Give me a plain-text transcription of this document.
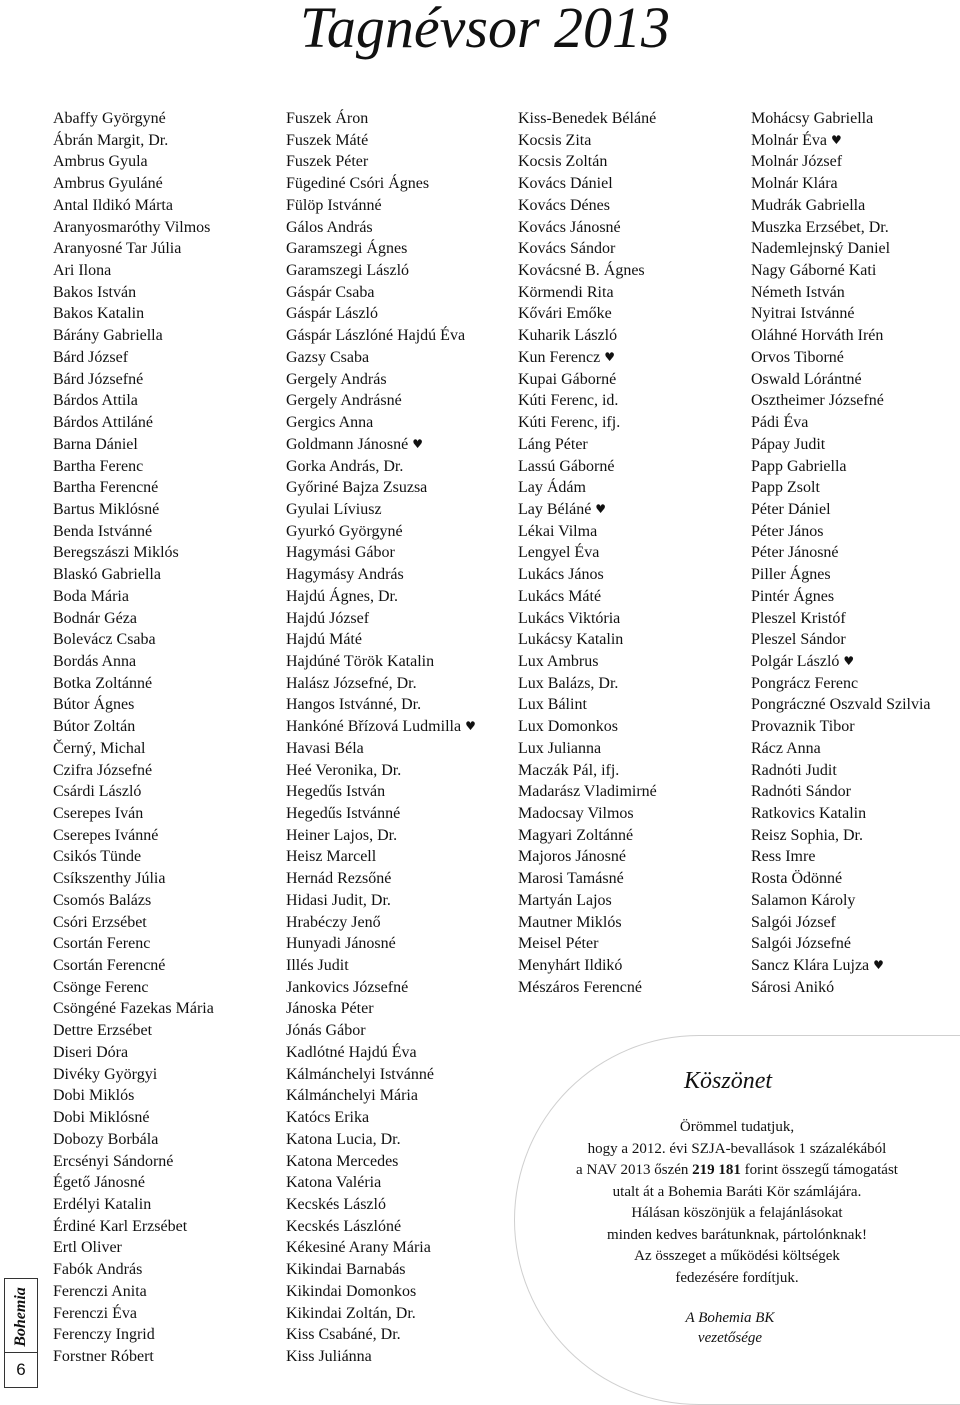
Tagnévsor 2013
Abaffy Györgyné
Ábrán Margit, Dr.
Ambrus Gyula
Ambrus Gyuláné
Antal Ildikó Márta
Aranyosmaróthy Vilmos
Aranyosné Tar Júlia
Ari Ilona
Bakos István
Bakos Katalin
Bárány Gabriella
Bárd József
Bárd Józsefné
Bárdos Attila
Bárdos Attiláné
Barna Dániel
Bartha Ferenc
Bartha Ferencné
Bartus Miklósné
Benda Istvánné
Beregszászi Miklós
Blaskó Gabriella
Boda Mária
Bodnár Géza
Bolevácz Csaba
Bordás Anna
Botka Zoltánné
Bútor Ágnes
Bútor Zoltán
Černý, Michal
Czifra Józsefné
Csárdi László
Cserepes Iván
Cserepes Ivánné
Csikós Tünde
Csíkszenthy Júlia
Csomós Balázs
Csóri Erzsébet
Csortán Ferenc
Csortán Ferencné
Csönge Ferenc
Csöngéné Fazekas Mária
Dettre Erzsébet
Diseri Dóra
Divéky Györgyi
Dobi Miklós
Dobi Miklósné
Dobozy Borbála
Ercsényi Sándorné
Égető Jánosné
Erdélyi Katalin
Érdiné Karl Erzsébet
Ertl Oliver
Fabók András
Ferenczi Anita
Ferenczi Éva
Ferenczy Ingrid
Forstner Róbert
Fuszek Áron
Fuszek Máté
Fuszek Péter
Fügediné Csóri Ágnes
Fülöp Istvánné
Gálos András
Garamszegi Ágnes
Garamszegi László
Gáspár Csaba
Gáspár László
Gáspár Lászlóné Hajdú Éva
Gazsy Csaba
Gergely András
Gergely Andrásné
Gergics Anna
Goldmann Jánosné ♥
Gorka András, Dr.
Győriné Bajza Zsuzsa
Gyulai Líviusz
Gyurkó Györgyné
Hagymási Gábor
Hagymásy András
Hajdú Ágnes, Dr.
Hajdú József
Hajdú Máté
Hajdúné Török Katalin
Halász Józsefné, Dr.
Hangos Istvánné, Dr.
Hankóné Břízová Ludmilla ♥
Havasi Béla
Heé Veronika, Dr.
Hegedűs István
Hegedűs Istvánné
Heiner Lajos, Dr.
Heisz Marcell
Hernád Rezsőné
Hidasi Judit, Dr.
Hrabéczy Jenő
Hunyadi Jánosné
Illés Judit
Jankovics Józsefné
Jánoska Péter
Jónás Gábor
Kadlótné Hajdú Éva
Kálmánchelyi Istvánné
Kálmánchelyi Mária
Katócs Erika
Katona Lucia, Dr.
Katona Mercedes
Katona Valéria
Kecskés László
Kecskés Lászlóné
Kékesiné Arany Mária
Kikindai Barnabás
Kikindai Domonkos
Kikindai Zoltán, Dr.
Kiss Csabáné, Dr.
Kiss Juliánna
Kiss-Benedek Béláné
Kocsis Zita
Kocsis Zoltán
Kovács Dániel
Kovács Dénes
Kovács Jánosné
Kovács Sándor
Kovácsné B. Ágnes
Körmendi Rita
Kővári Emőke
Kuharik László
Kun Ferencz ♥
Kupai Gáborné
Kúti Ferenc, id.
Kúti Ferenc, ifj.
Láng Péter
Lassú Gáborné
Lay Ádám
Lay Béláné ♥
Lékai Vilma
Lengyel Éva
Lukács János
Lukács Máté
Lukács Viktória
Lukácsy Katalin
Lux Ambrus
Lux Balázs, Dr.
Lux Bálint
Lux Domonkos
Lux Julianna
Maczák Pál, ifj.
Madarász Vladimirné
Madocsay Vilmos
Magyari Zoltánné
Majoros Jánosné
Marosi Tamásné
Martyán Lajos
Mautner Miklós
Meisel Péter
Menyhárt Ildikó
Mészáros Ferencné
Mohácsy Gabriella
Molnár Éva ♥
Molnár József
Molnár Klára
Mudrák Gabriella
Muszka Erzsébet, Dr.
Nademlejnský Daniel
Nagy Gáborné Kati
Németh István
Nyitrai Istvánné
Oláhné Horváth Irén
Orvos Tiborné
Oswald Lórántné
Osztheimer Józsefné
Pádi Éva
Pápay Judit
Papp Gabriella
Papp Zsolt
Péter Dániel
Péter János
Péter Jánosné
Piller Ágnes
Pintér Ágnes
Pleszel Kristóf
Pleszel Sándor
Polgár László ♥
Pongrácz Ferenc
Pongráczné Oszvald Szilvia
Provaznik Tibor
Rácz Anna
Radnóti Judit
Radnóti Sándor
Ratkovics Katalin
Reisz Sophia, Dr.
Ress Imre
Rosta Ödönné
Salamon Károly
Salgói József
Salgói Józsefné
Sancz Klára Lujza ♥
Sárosi Anikó
Köszönet

Örömmel tudatjuk,

hogy a 2012. évi SZJA-bevallások 1 százalékából

a NAV 2013 őszén 219 181 forint összegű támogatást

utalt át a Bohemia Baráti Kör számlájára.

Hálásan köszönjük a felajánlásokat

minden kedves barátunknak, pártolónknak!

Az összeget a működési költségek

fedezésére fordítjuk.

A Bohemia BK
vezetősége
Bohemia
6
